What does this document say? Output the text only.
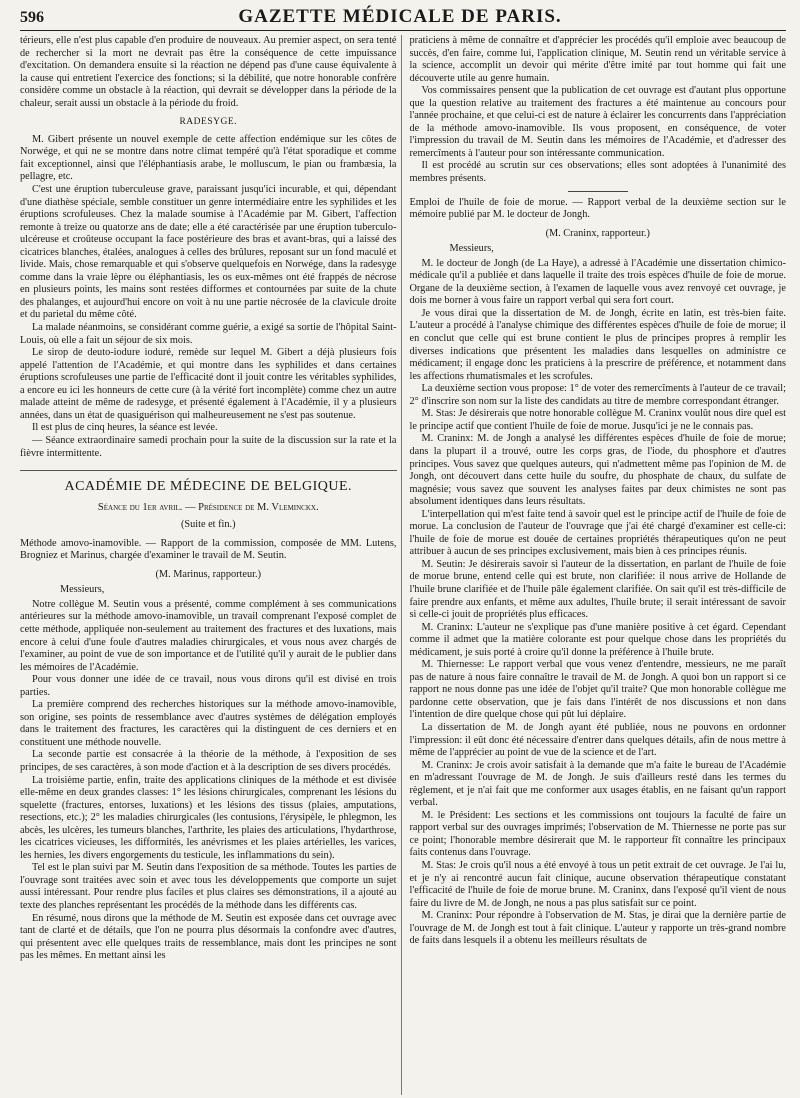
596	GAZETTE MÉDICALE DE PARIS.

térieurs, elle n'est plus capable d'en produire de nouveaux. Au premier aspect, on sera tenté de rechercher si la mort ne devrait pas être la conséquence de cette impuissance d'excitation. On demandera ensuite si la réaction ne dépend pas d'une cause équivalente à la cause qui entretient l'exercice des fonctions; si la débilité, que notre honorable confrère considère comme un obstacle à la réaction, qui devrait se développer dans la période de la chaleur, serait aussi un obstacle à la période du froid.

RADESYGE.

M. Gibert présente un nouvel exemple de cette affection endémique sur les côtes de Norwége, et qui ne se montre dans notre climat tempéré qu'à l'état sporadique et comme fait exceptionnel, ainsi que l'éléphantiasis arabe, le molluscum, le pian ou frambæsia, la pellagre, etc.

C'est une éruption tuberculeuse grave, paraissant jusqu'ici incurable, et qui, dépendant d'une diathèse spéciale, semble constituer un genre intermédiaire entre les syphilides et les éruptions scrofuleuses. Chez la malade soumise à l'Académie par M. Gibert, l'affection remonte à treize ou quatorze ans de date; elle a été caractérisée par une éruption tuberculo-ulcéreuse et croûteuse occupant la face postérieure des bras et avant-bras, qui a laissé des cicatrices blanches, étalées, analogues à celles des brûlures, reposant sur un fond maculé et livide. Mais, chose remarquable et qui s'observe quelquefois en Norwége, dans la radesyge comme dans la vraie lèpre ou éléphantiasis, les os eux-mêmes ont été frappés de nécrose en plusieurs points, les mains sont restées difformes et contournées par suite de la chute des phalanges, et aujourd'hui encore on voit à nu une partie nécrosée de la clavicule droite et du parietal du même côté.

La malade néanmoins, se considérant comme guérie, a exigé sa sortie de l'hôpital Saint-Louis, où elle a fait un séjour de six mois.

Le sirop de deuto-iodure ioduré, remède sur lequel M. Gibert a déjà plusieurs fois appelé l'attention de l'Académie, et qui montre dans les syphilides et dans certaines éruptions scrofuleuses une partie de l'efficacité dont il jouit contre les véritables syphilides, a encore eu ici les honneurs de cette cure (à la vérité fort incomplète) comme chez un autre malade atteint de même de radesyge, et présenté également à l'Académie, il y a plusieurs années, dans un état de quasiguérison qui malheureusement ne s'est pas soutenue.

Il est plus de cinq heures, la séance est levée.

— Séance extraordinaire samedi prochain pour la suite de la discussion sur la rate et la fièvre intermittente.

ACADÉMIE DE MÉDECINE DE BELGIQUE.
Séance du 1er avril. — Présidence de M. Vleminckx.
(Suite et fin.)

Méthode amovo-inamovible. — Rapport de la commission, composée de MM. Lutens, Brogniez et Marinus, chargée d'examiner le travail de M. Seutin.

(M. Marinus, rapporteur.)

Messieurs,

Notre collègue M. Seutin vous a présenté, comme complément à ses communications antérieures sur la méthode amovo-inamovible, un travail comprenant l'exposé complet de cette méthode, appliquée non-seulement au traitement des fractures et des luxations, mais encore à celui d'une foule d'autres maladies chirurgicales, et vous nous avez chargés de l'examiner, au point de vue de son importance et de l'utilité qu'il y aurait de le publier dans les mémoires de l'Académie.

Pour vous donner une idée de ce travail, nous vous dirons qu'il est divisé en trois parties.

La première comprend des recherches historiques sur la méthode amovo-inamovible, son origine, ses points de ressemblance avec d'autres systèmes de délégation employés dans le traitement des fractures, les caractères qui la distinguent de ces derniers et en constituent une méthode nouvelle.

La seconde partie est consacrée à la théorie de la méthode, à l'exposition de ses principes, de ses caractères, à son mode d'action et à la description de ses divers procédés.

La troisième partie, enfin, traite des applications cliniques de la méthode et est divisée elle-même en deux grandes classes: 1° les lésions chirurgicales, comprenant les lésions du squelette (fractures, entorses, luxations) et les lésions des tissus (plaies, amputations, resections, etc.); 2° les maladies chirurgicales (les contusions, l'érysipèle, le phlegmon, les abcès, les ulcères, les tumeurs blanches, l'arthrite, les plaies des articulations, l'hydarthrose, les cicatrices vicieuses, les difformités, les anévrismes et les plaies artérielles, les varices, les hernies, les divers engorgements du testicule, les inflammations du sein).

Tel est le plan suivi par M. Seutin dans l'exposition de sa méthode. Toutes les parties de l'ouvrage sont traitées avec soin et avec tous les développements que comporte un sujet aussi intéressant. Pour rendre plus faciles et plus claires ses démonstrations, il a ajouté au texte des planches représentant les procédés de la méthode dans les différents cas.

En résumé, nous dirons que la méthode de M. Seutin est exposée dans cet ouvrage avec tant de clarté et de détails, que l'on ne pourra plus désormais la confondre avec d'autres, qui présentent avec elle quelques traits de ressemblance, mais dont les principes ne sont pas les mêmes. En mettant ainsi les

praticiens à même de connaître et d'apprécier les procédés qu'il emploie avec beaucoup de succès, d'en faire, comme lui, l'application clinique, M. Seutin rend un véritable service à la science, accomplit un devoir qui mérite d'être imité par tout homme qui fait une découverte utile au genre humain.

Vos commissaires pensent que la publication de cet ouvrage est d'autant plus opportune que la question relative au traitement des fractures a été maintenue au concours pour l'année prochaine, et que celui-ci est de nature à éclairer les concurrents dans l'appréciation de la méthode amovo-inamovible. Ils vous proposent, en conséquence, de voter l'impression du travail de M. Seutin dans les mémoires de l'Académie, et d'adresser des remercîments à l'auteur pour son intéressante communication.

Il est procédé au scrutin sur ces observations; elles sont adoptées à l'unanimité des membres présents.

Emploi de l'huile de foie de morue. — Rapport verbal de la deuxième section sur le mémoire publié par M. le docteur de Jongh.

(M. Craninx, rapporteur.)

Messieurs,

M. le docteur de Jongh (de La Haye), a adressé à l'Académie une dissertation chimico-médicale qu'il a publiée et dans laquelle il traite des trois espèces d'huile de foie de morue. Organe de la deuxième section, à l'examen de laquelle vous avez renvoyé cet ouvrage, je dois me borner à vous faire un rapport verbal qui sera fort court.

Je vous dirai que la dissertation de M. de Jongh, écrite en latin, est très-bien faite. L'auteur a procédé à l'analyse chimique des différentes espèces d'huile de foie de morue; il en conclut que celle qui est brune contient le plus de principes propres à remplir les diverses indications que présentent les maladies dans lesquelles on administre ce médicament; il engage donc les praticiens à la prescrire de préférence, et notamment dans les affections rhumatismales et les scrofules.

La deuxième section vous propose: 1° de voter des remercîments à l'auteur de ce travail; 2° d'inscrire son nom sur la liste des candidats au titre de membre correspondant étranger.

M. Stas: Je désirerais que notre honorable collègue M. Craninx voulût nous dire quel est le principe actif que contient l'huile de foie de morue. Jusqu'ici je ne le connais pas.

M. Craninx: M. de Jongh a analysé les différentes espèces d'huile de foie de morue; dans la plupart il a trouvé, outre les corps gras, de l'iode, du phosphore et d'autres principes. Vous savez que quelques auteurs, qui n'admettent même pas l'opinion de M. de Jongh, ont découvert dans cette huile du soufre, du phosphate de chaux, du sulfate de magnésie; vous savez que souvent les analyses faites par deux chimistes ne sont pas absolument identiques dans leurs résultats.

L'interpellation qui m'est faite tend à savoir quel est le principe actif de l'huile de foie de morue. La conclusion de l'auteur de l'ouvrage que j'ai été chargé d'examiner est celle-ci: l'huile de foie de morue est douée de certaines propriétés thérapeutiques qu'on ne peut attribuer à aucun de ses principes exclusivement, mais bien à ces principes réunis.

M. Seutin: Je désirerais savoir si l'auteur de la dissertation, en parlant de l'huile de foie de morue brune, entend celle qui est brute, non clarifiée: il nous arrive de Hollande de l'huile brune clarifiée et de l'huile pâle également clarifiée. On sait qu'il est très-difficile de faire prendre aux enfants, et même aux adultes, l'huile brute; il serait intéressant de savoir si celle-ci jouit de propriétés plus efficaces.

M. Craninx: L'auteur ne s'explique pas d'une manière positive à cet égard. Cependant comme il admet que la matière colorante est pour quelque chose dans les propriétés du médicament, je suis porté à croire qu'il donne la préférence à l'huile brute.

M. Thiernesse: Le rapport verbal que vous venez d'entendre, messieurs, ne me paraît pas de nature à nous faire connaître le travail de M. de Jongh. A quoi bon un rapport si ce rapport ne nous donne pas une idée de l'objet qu'il traite? Que mon honorable collègue me pardonne cette observation, que je fais dans l'intérêt de nos discussions et non dans l'intention de dire quelque chose qui pût lui déplaire.

La dissertation de M. de Jongh ayant été publiée, nous ne pouvons en ordonner l'impression: il eût donc été nécessaire d'entrer dans quelques détails, afin de nous mettre à même de l'apprécier au point de vue de la science et de l'art.

M. Craninx: Je crois avoir satisfait à la demande que m'a faite le bureau de l'Académie en m'adressant l'ouvrage de M. de Jongh. Je suis d'ailleurs resté dans les termes du règlement, et je n'ai fait que me conformer aux usages établis, en ne faisant qu'un rapport verbal.

M. le Président: Les sections et les commissions ont toujours la faculté de faire un rapport verbal sur des ouvrages imprimés; l'observation de M. Thiernesse ne porte pas sur ce point; l'honorable membre désirerait que M. le rapporteur fît connaître les principaux faits contenus dans l'ouvrage.

M. Stas: Je crois qu'il nous a été envoyé à tous un petit extrait de cet ouvrage. Je l'ai lu, et je n'y ai rencontré aucun fait clinique, aucune observation thérapeutique constatant l'efficacité de l'huile de foie de morue brune. M. Craninx, dans l'exposé qu'il vient de nous faire du livre de M. de Jongh, ne nous a pas plus satisfait sur ce point.

M. Craninx: Pour répondre à l'observation de M. Stas, je dirai que la dernière partie de l'ouvrage de M. de Jongh est tout à fait clinique. L'auteur y rapporte un très-grand nombre de faits dans lesquels il a obtenu les meilleurs résultats de
